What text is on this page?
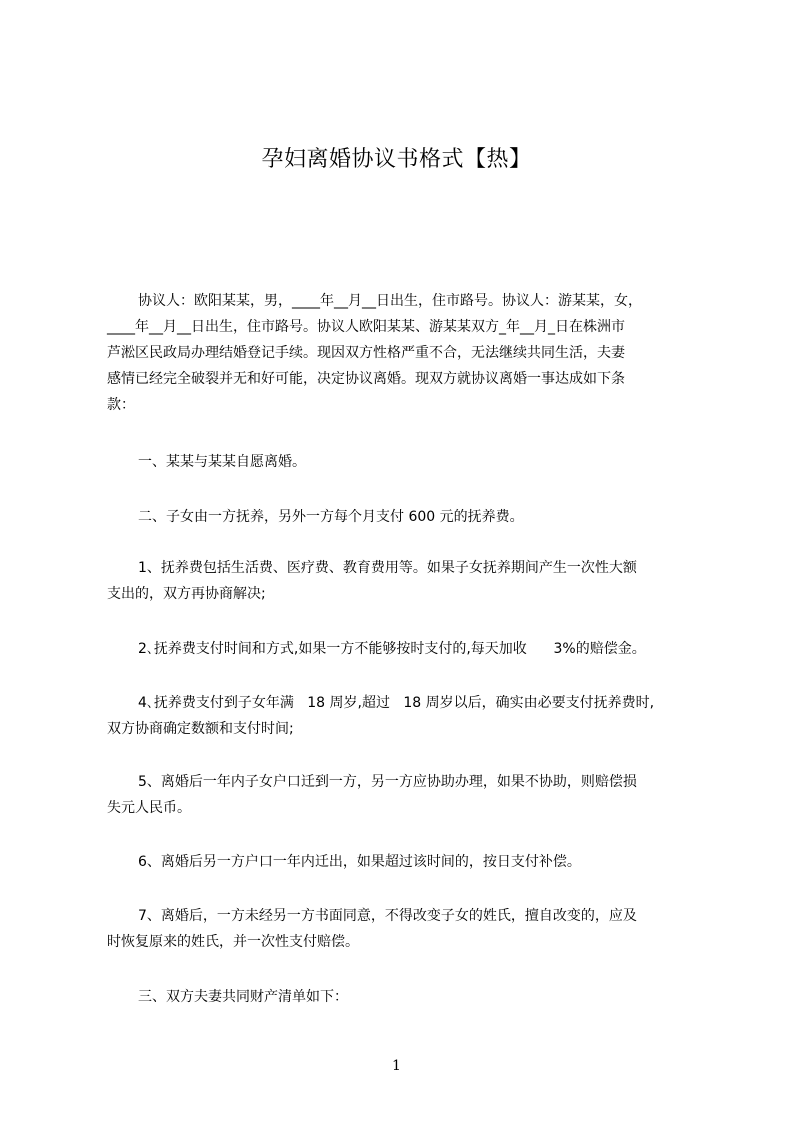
孕妇离婚协议书格式【热】
协议人：欧阳某某，男，____年__月__日出生，住市路号。协议人：游某某，女，
____年__月__日出生，住市路号。协议人欧阳某某、游某某双方_年__月_日在株洲市
芦淞区民政局办理结婚登记手续。现因双方性格严重不合，无法继续共同生活，夫妻
感情已经完全破裂并无和好可能，决定协议离婚。现双方就协议离婚一事达成如下条
款：
一、某某与某某自愿离婚。
二、子女由一方抚养，另外一方每个月支付 600 元的抚养费。
1、抚养费包括生活费、医疗费、教育费用等。如果子女抚养期间产生一次性大额
支出的，双方再协商解决;
2､抚养费支付时间和方式,如果一方不能够按时支付的,每天加收      3%的赔偿金。
4､抚养费支付到子女年满   18 周岁,超过   18 周岁以后，确实由必要支付抚养费时,
双方协商确定数额和支付时间;
5、离婚后一年内子女户口迁到一方，另一方应协助办理，如果不协助，则赔偿损
失元人民币。
6、离婚后另一方户口一年内迁出，如果超过该时间的，按日支付补偿。
7、离婚后，一方未经另一方书面同意，不得改变子女的姓氏，擅自改变的，应及
时恢复原来的姓氏，并一次性支付赔偿。
三、双方夫妻共同财产清单如下：
1
